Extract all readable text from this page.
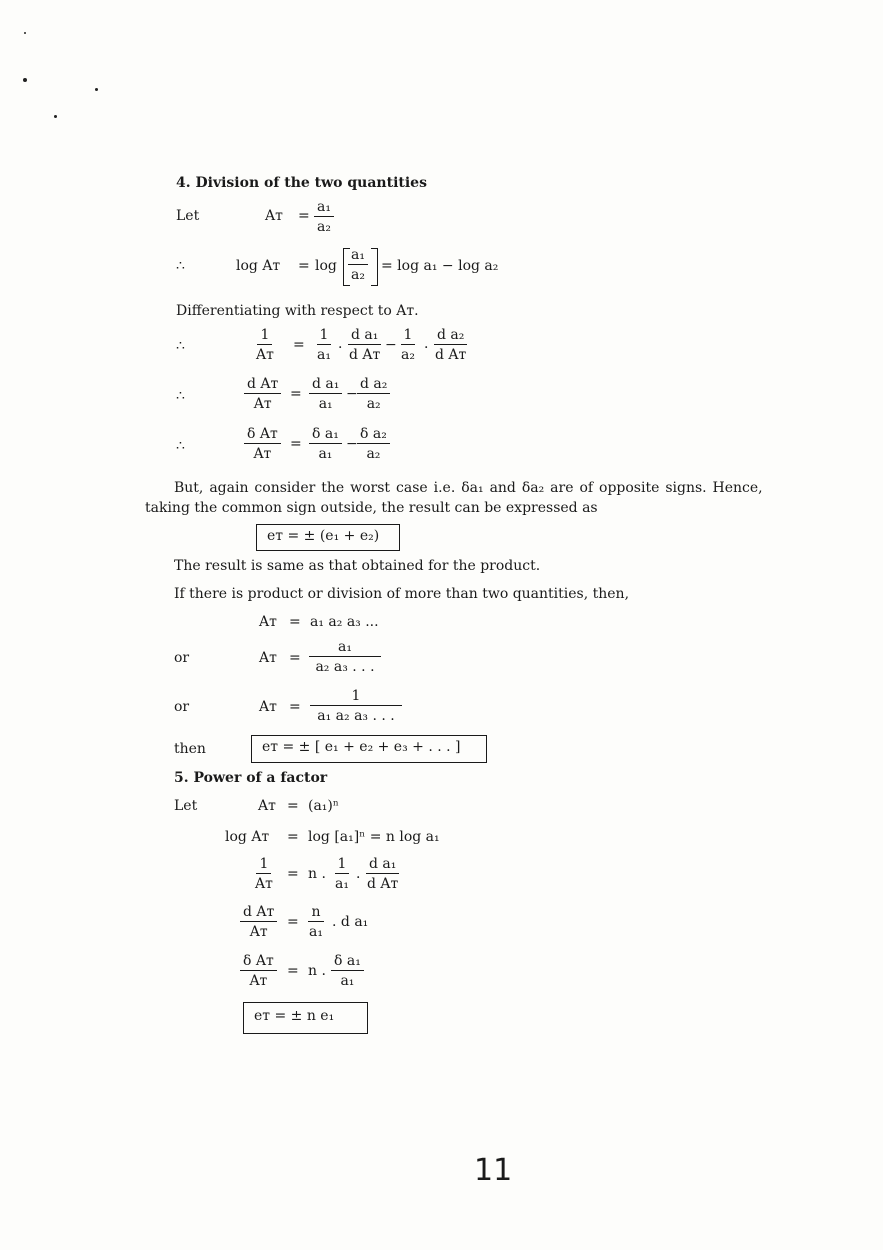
4. Division of the two quantities
Let	Aᴛ = $\frac{\text{a₁}}{\text{a₂}}$
∴	log Aᴛ = $\log \frac{\text{a₁}}{\text{a₂}} = \log a_1 - \log a_2$
Differentiating with respect to Aᴛ.
∴	$\frac{1}{\text{Aᴛ}} = \frac{1}{\text{a₁}} \cdot \frac{\text{d a₁}}{\text{d Aᴛ}} - \frac{1}{\text{a₂}} \cdot \frac{\text{d a₂}}{\text{d Aᴛ}}$
∴	$\frac{\text{d Aᴛ}}{\text{Aᴛ}} = \frac{\text{d a₁}}{\text{a₁}} - \frac{\text{d a₂}}{\text{a₂}}$
∴	$\frac{\text{δ Aᴛ}}{\text{Aᴛ}} = \frac{\text{δ a₁}}{\text{a₁}} - \frac{\text{δ a₂}}{\text{a₂}}$
But, again consider the worst case i.e. δa₁ and δa₂ are of opposite signs. Hence,
taking the common sign outside, the result can be expressed as
eᴛ = ± (e₁ + e₂)
The result is same as that obtained for the product.
If there is product or division of more than two quantities, then,
Aᴛ = a₁ a₂ a₃ ...
or	Aᴛ = $\frac{\text{a₁}}{\text{a₂ a₃ . . .}}$
or	Aᴛ = $\frac{1}{\text{a₁ a₂ a₃ . . .}}$
then	eᴛ = ± [ e₁ + e₂ + e₃ + . . . ]
5. Power of a factor
Let	Aᴛ = (a₁)ⁿ
log Aᴛ = log [a₁]ⁿ = n log a₁
$\frac{1}{\text{Aᴛ}} = n$ . $\frac{1}{\text{a₁}} \cdot \frac{\text{d a₁}}{\text{d Aᴛ}}$
$\frac{\text{d Aᴛ}}{\text{Aᴛ}} = \frac{n}{\text{a₁}}$ . d a₁
$\frac{\text{δ Aᴛ}}{\text{Aᴛ}} = n$ . $\frac{\text{δ a₁}}{\text{a₁}}$
eᴛ = ± n e₁
11
